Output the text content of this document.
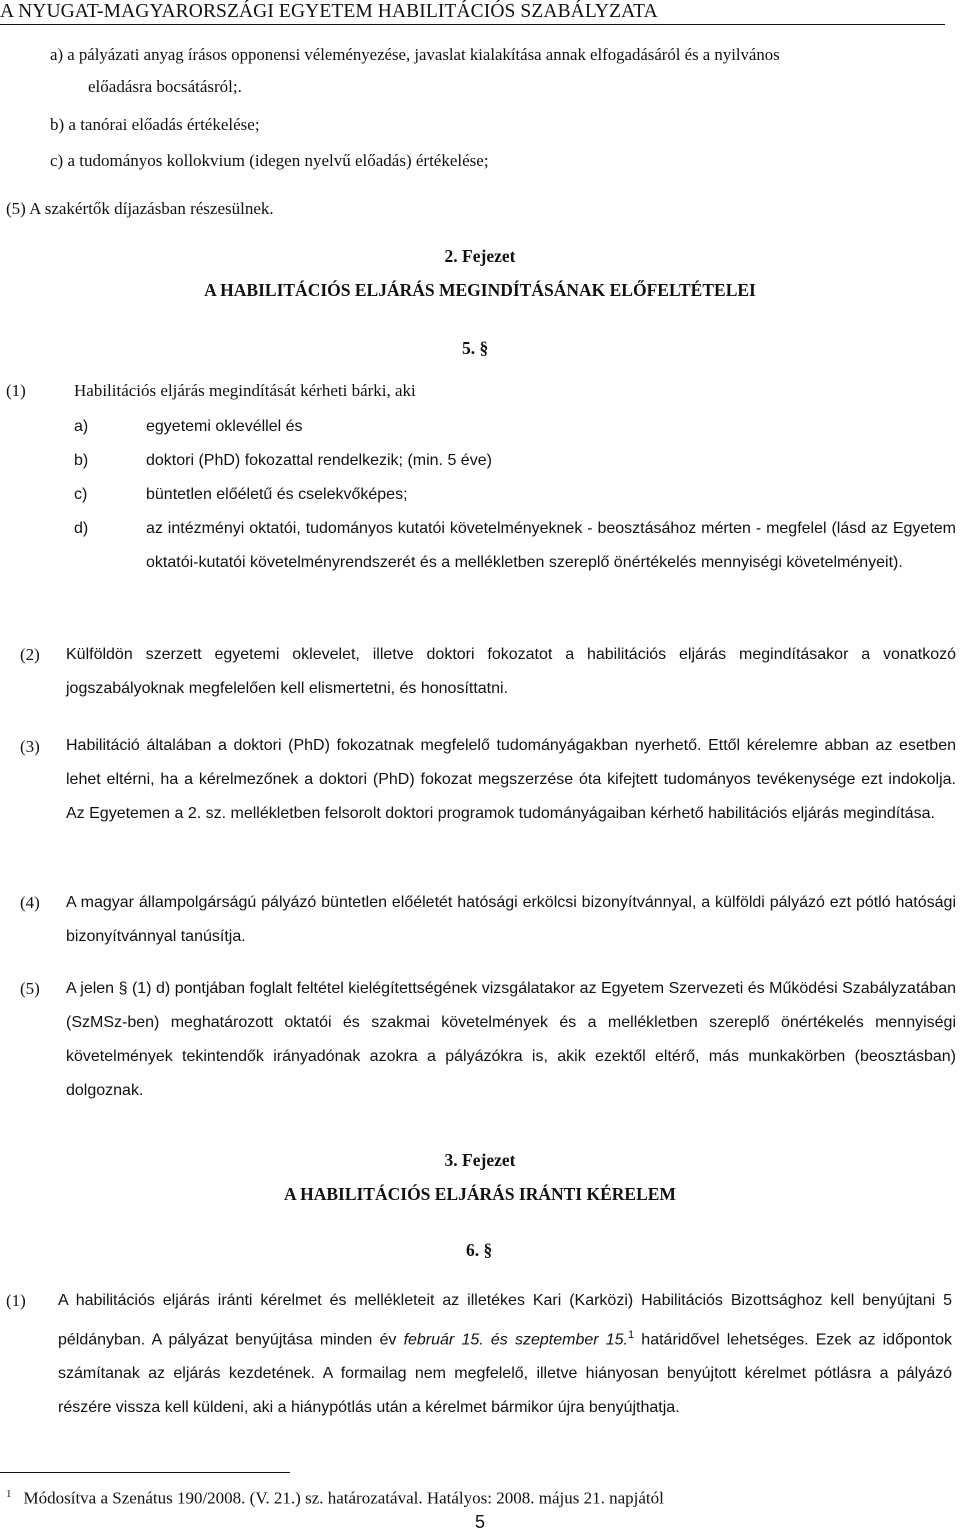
A NYUGAT-MAGYARORSZÁGI EGYETEM HABILITÁCIÓS SZABÁLYZATA
a) a pályázati anyag írásos opponensi véleményezése, javaslat kialakítása annak elfogadásáról és a nyilvános
előadásra bocsátásról;.
b) a tanórai előadás értékelése;
c) a tudományos kollokvium (idegen nyelvű előadás) értékelése;
(5) A szakértők díjazásban részesülnek.
2. Fejezet
A HABILITÁCIÓS ELJÁRÁS MEGINDÍTÁSÁNAK ELŐFELTÉTELEI
5. §
(1)	Habilitációs eljárás megindítását kérheti bárki, aki
a)	egyetemi oklevéllel és
b)	doktori (PhD) fokozattal rendelkezik; (min. 5 éve)
c)	büntetlen előéletű és cselekvőképes;
d)	az intézményi oktatói, tudományos kutatói követelményeknek - beosztásához mérten - megfelel (lásd az Egyetem oktatói-kutatói követelményrendszerét és a mellékletben szereplő önértékelés mennyiségi követelményeit).
(2) Külföldön szerzett egyetemi oklevelet, illetve doktori fokozatot a habilitációs eljárás megindításakor a vonatkozó jogszabályoknak megfelelően kell elismertetni, és honosíttatni.
(3) Habilitáció általában a doktori (PhD) fokozatnak megfelelő tudományágakban nyerhető. Ettől kérelemre abban az esetben lehet eltérni, ha a kérelmezőnek a doktori (PhD) fokozat megszerzése óta kifejtett tudományos tevékenysége ezt indokolja. Az Egyetemen a 2. sz. mellékletben felsorolt doktori programok tudományágaiban kérhető habilitációs eljárás megindítása.
(4) A magyar állampolgárságú pályázó büntetlen előéletét hatósági erkölcsi bizonyítvánnyal, a külföldi pályázó ezt pótló hatósági bizonyítvánnyal tanúsítja.
(5) A jelen § (1) d) pontjában foglalt feltétel kielégítettségének vizsgálatakor az Egyetem Szervezeti és Működési Szabályzatában (SzMSz-ben) meghatározott oktatói és szakmai követelmények és a mellékletben szereplő önértékelés mennyiségi követelmények tekintendők irányadónak azokra a pályázókra is, akik ezektől eltérő, más munkakörben (beosztásban) dolgoznak.
3. Fejezet
A HABILITÁCIÓS ELJÁRÁS IRÁNTI KÉRELEM
6. §
(1) A habilitációs eljárás iránti kérelmet és mellékleteit az illetékes Kari (Karközi) Habilitációs Bizottsághoz kell benyújtani 5 példányban. A pályázat benyújtása minden év február 15. és szeptember 15.$^1$ határidővel lehetséges. Ezek az időpontok számítanak az eljárás kezdetének. A formailag nem megfelelő, illetve hiányosan benyújtott kérelmet pótlásra a pályázó részére vissza kell küldeni, aki a hiánypótlás után a kérelmet bármikor újra benyújthatja.
$^1$ Módosítva a Szenátus 190/2008. (V. 21.) sz. határozatával. Hatályos: 2008. május 21. napjától
5
